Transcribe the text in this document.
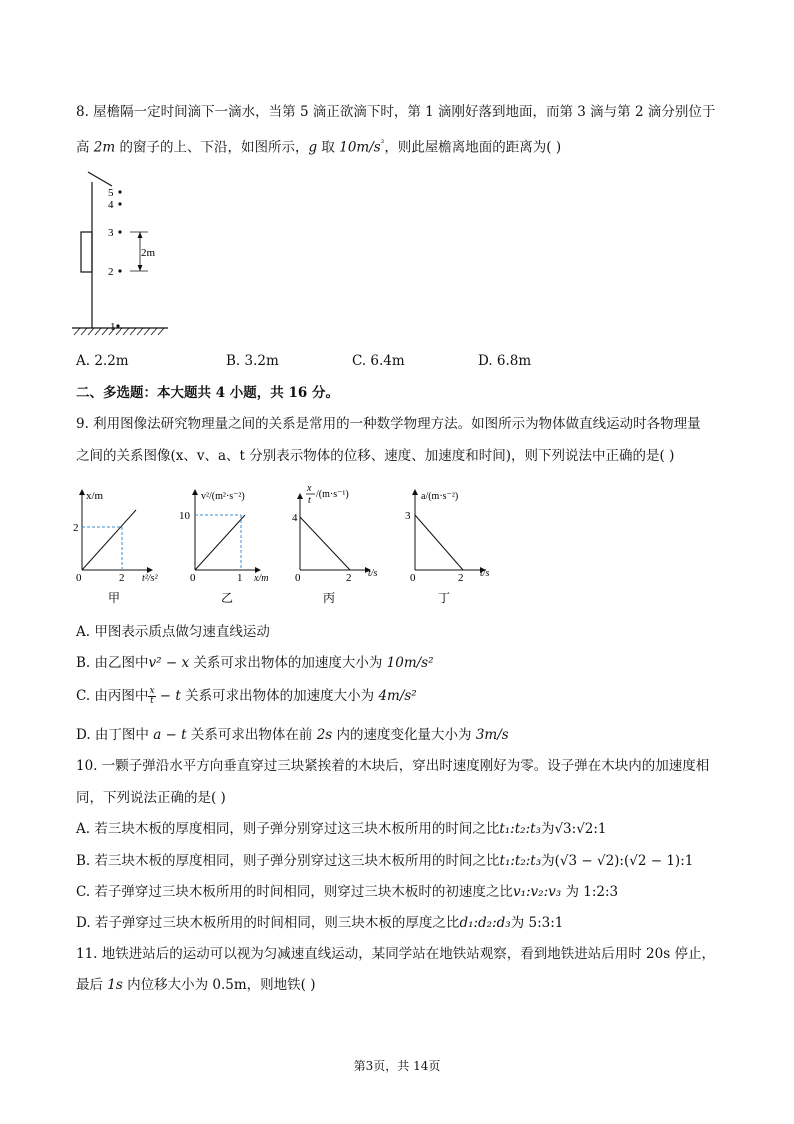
8. 屋檐隔一定时间滴下一滴水，当第 5 滴正欲滴下时，第 1 滴刚好落到地面，而第 3 滴与第 2 滴分别位于
高 2m 的窗子的上、下沿，如图所示，g 取 $10m/s^{^2}$，则此屋檐离地面的距离为( )
5
4
3
2
1
2m
A. 2.2m	B. 3.2m	C. 6.4m	D. 6.8m
二、多选题：本大题共 4 小题，共 16 分。
9. 利用图像法研究物理量之间的关系是常用的一种数学物理方法。如图所示为物体做直线运动时各物理量
之间的关系图像(x、v、a、t 分别表示物体的位移、速度、加速度和时间)，则下列说法中正确的是( )
x/m
2
0	2 t²/s²
甲
v²/(m²·s⁻²)
10
0	1 x/m
乙
x
t
/(m·s⁻¹)
4
0	2 t/s
丙
a/(m·s⁻²)
3
0	2 t/s
丁
A. 甲图表示质点做匀速直线运动
B. 由乙图中v² − x 关系可求出物体的加速度大小为 10m/s²
C. 由丙图中 $\frac{x}{t} - t$ 关系可求出物体的加速度大小为 4m/s²
D. 由丁图中 a − t 关系可求出物体在前 2s 内的速度变化量大小为 3m/s
10. 一颗子弹沿水平方向垂直穿过三块紧挨着的木块后，穿出时速度刚好为零。设子弹在木块内的加速度相
同，下列说法正确的是( )
A. 若三块木板的厚度相同，则子弹分别穿过这三块木板所用的时间之比t₁:t₂:t₃为√3:√2:1
B. 若三块木板的厚度相同，则子弹分别穿过这三块木板所用的时间之比t₁:t₂:t₃为(√3 − √2):(√2 − 1):1
C. 若子弹穿过三块木板所用的时间相同，则穿过三块木板时的初速度之比v₁:v₂:v₃ 为 1:2:3
D. 若子弹穿过三块木板所用的时间相同，则三块木板的厚度之比d₁:d₂:d₃为 5:3:1
11. 地铁进站后的运动可以视为匀减速直线运动，某同学站在地铁站观察，看到地铁进站后用时 20s 停止，
最后 1s 内位移大小为 0.5m，则地铁( )
第3页，共 14页
